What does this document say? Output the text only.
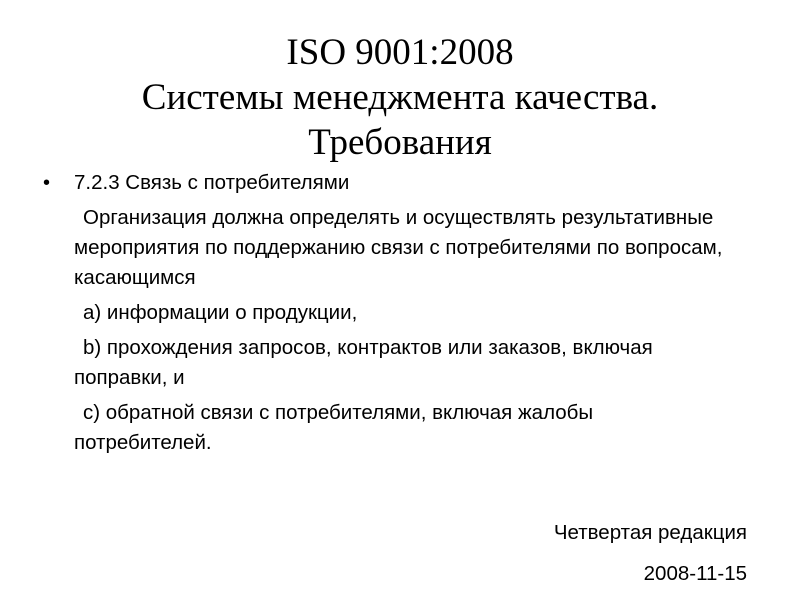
ISO 9001:2008
Системы менеджмента качества.
Требования
•	7.2.3 Связь с потребителями
Организация должна определять и осуществлять результативные мероприятия по поддержанию связи с потребителями по вопросам, касающимся
а) информации о продукции,
b) прохождения запросов, контрактов или заказов, включая поправки, и
с) обратной связи с потребителями, включая жалобы потребителей.
Четвертая редакция
2008-11-15
